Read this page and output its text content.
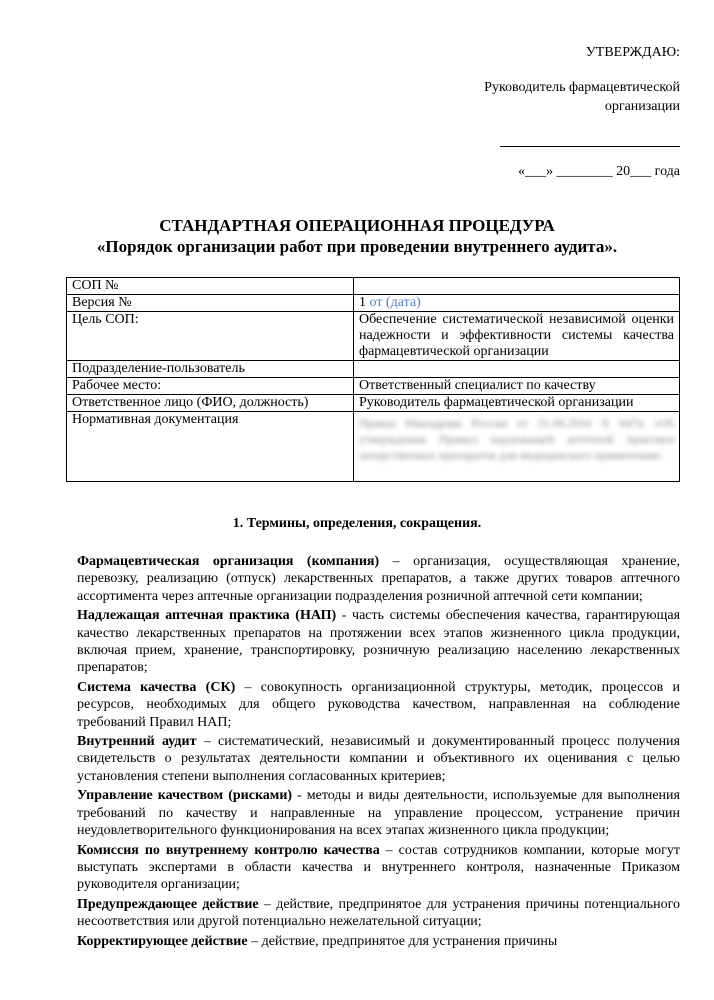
УТВЕРЖДАЮ:
Руководитель фармацевтической
организации
«___» ________ 20___ года
СТАНДАРТНАЯ ОПЕРАЦИОННАЯ ПРОЦЕДУРА
«Порядок организации работ при проведении внутреннего аудита».
СОП №	
Версия №	1 от (дата)
Цель СОП:	Обеспечение систематической независимой оценки надежности и эффективности системы качества фармацевтической организации
Подразделение-пользователь	
Рабочее место:	Ответственный специалист по качеству
Ответственное лицо (ФИО, должность)	Руководитель фармацевтической организации
Нормативная документация	Приказ Минздрава России от 31.08.2016 N 647н «Об утверждении Правил надлежащей аптечной практики лекарственных препаратов для медицинского применения»
1. Термины, определения, сокращения.

Фармацевтическая организация (компания) – организация, осуществляющая хранение, перевозку, реализацию (отпуск) лекарственных препаратов, а также других товаров аптечного ассортимента через аптечные организации подразделения розничной аптечной сети компании;

Надлежащая аптечная практика (НАП) - часть системы обеспечения качества, гарантирующая качество лекарственных препаратов на протяжении всех этапов жизненного цикла продукции, включая прием, хранение, транспортировку, розничную реализацию населению лекарственных препаратов;

Система качества (СК) – совокупность организационной структуры, методик, процессов и ресурсов, необходимых для общего руководства качеством, направленная на соблюдение требований Правил НАП;

Внутренний аудит – систематический, независимый и документированный процесс получения свидетельств о результатах деятельности компании и объективного их оценивания с целью установления степени выполнения согласованных критериев;

Управление качеством (рисками) - методы и виды деятельности, используемые для выполнения требований по качеству и направленные на управление процессом, устранение причин неудовлетворительного функционирования на всех этапах жизненного цикла продукции;

Комиссия по внутреннему контролю качества – состав сотрудников компании, которые могут выступать экспертами в области качества и внутреннего контроля, назначенные Приказом руководителя организации;

Предупреждающее действие – действие, предпринятое для устранения причины потенциального несоответствия или другой потенциально нежелательной ситуации;

Корректирующее действие – действие, предпринятое для устранения причины
